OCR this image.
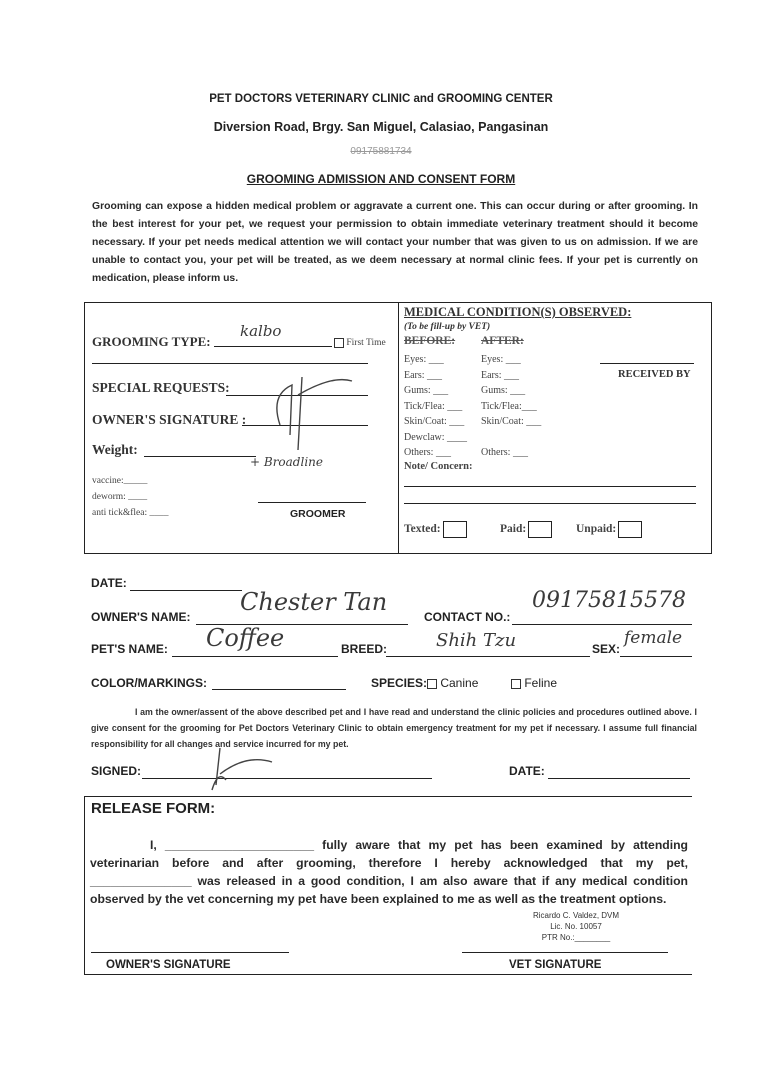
PET DOCTORS VETERINARY CLINIC and GROOMING CENTER
Diversion Road, Brgy. San Miguel, Calasiao, Pangasinan
09175881734
GROOMING ADMISSION AND CONSENT FORM
Grooming can expose a hidden medical problem or aggravate a current one. This can occur during or after grooming. In the best interest for your pet, we request your permission to obtain immediate veterinary treatment should it become necessary. If your pet needs medical attention we will contact your number that was given to us on admission. If we are unable to contact you, your pet will be treated, as we deem necessary at normal clinic fees. If your pet is currently on medication, please inform us.
GROOMING TYPE:
kalbo
First Time
SPECIAL REQUESTS:
OWNER'S SIGNATURE :
Weight:
+ Broadline
vaccine:_____
deworm: ____
anti tick&flea: ____	GROOMER
MEDICAL CONDITION(S) OBSERVED:
(To be fill-up by VET)
BEFORE: AFTER:
Eyes: ___
Ears: ___
Gums: ___
Tick/Flea: ___
Skin/Coat: ___
Dewclaw: ____
Others: ___
Eyes: ___
Ears: ___
Gums: ___
Tick/Flea:___
Skin/Coat: ___
Others: ___
RECEIVED BY
Note/ Concern:
Texted:	Paid:	Unpaid:
DATE:
OWNER'S NAME:
Chester Tan
CONTACT NO.:
09175815578
PET'S NAME: Coffee	BREED:	Shih Tzu	SEX:
female
COLOR/MARKINGS:	SPECIES:	Canine	Feline
I am the owner/assent of the above described pet and I have read and understand the clinic policies and procedures outlined above. I give consent for the grooming for Pet Doctors Veterinary Clinic to obtain emergency treatment for my pet if necessary. I assume full financial responsibility for all changes and service incurred for my pet.
SIGNED:	DATE:
RELEASE FORM:
I, ______________________ fully aware that my pet has been examined by attending veterinarian before and after grooming, therefore I hereby acknowledged that my pet, _______________ was released in a good condition, I am also aware that if any medical condition observed by the vet concerning my pet have been explained to me as well as the treatment options.
Ricardo C. Valdez, DVM
Lic. No. 10057
PTR No.:________
OWNER'S SIGNATURE	VET SIGNATURE
